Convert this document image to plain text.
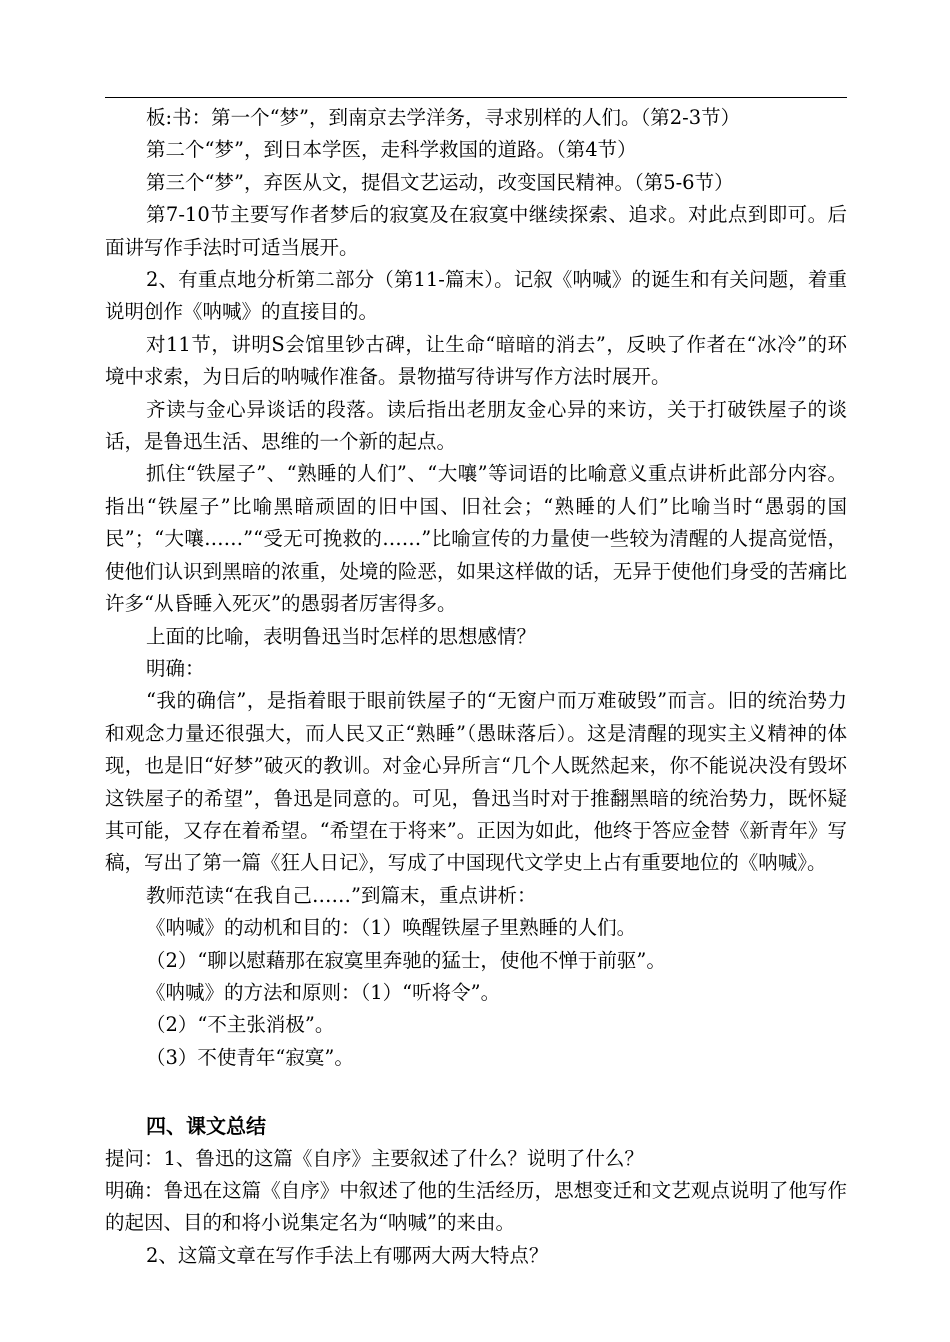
板:书：第一个“梦”，到南京去学洋务，寻求别样的人们。（第2-3节）

第二个“梦”，到日本学医，走科学救国的道路。（第4节）

第三个“梦”，弃医从文，提倡文艺运动，改变国民精神。（第5-6节）

第7-10节主要写作者梦后的寂寞及在寂寞中继续探索、追求。对此点到即可。后面讲写作手法时可适当展开。

2、有重点地分析第二部分（第11-篇末）。记叙《呐喊》的诞生和有关问题，着重说明创作《呐喊》的直接目的。

对11节，讲明S会馆里钞古碑，让生命“暗暗的消去”，反映了作者在“冰冷”的环境中求索，为日后的呐喊作准备。景物描写待讲写作方法时展开。

齐读与金心异谈话的段落。读后指出老朋友金心异的来访，关于打破铁屋子的谈话，是鲁迅生活、思维的一个新的起点。

抓住“铁屋子”、“熟睡的人们”、“大嚷”等词语的比喻意义重点讲析此部分内容。指出“铁屋子”比喻黑暗顽固的旧中国、旧社会；“熟睡的人们”比喻当时“愚弱的国民”；“大嚷……”“受无可挽救的……”比喻宣传的力量使一些较为清醒的人提高觉悟，使他们认识到黑暗的浓重，处境的险恶，如果这样做的话，无异于使他们身受的苦痛比许多“从昏睡入死灭”的愚弱者厉害得多。

上面的比喻，表明鲁迅当时怎样的思想感情？

明确：

“我的确信”，是指着眼于眼前铁屋子的“无窗户而万难破毁”而言。旧的统治势力和观念力量还很强大，而人民又正“熟睡”（愚昧落后）。这是清醒的现实主义精神的体现，也是旧“好梦”破灭的教训。对金心异所言“几个人既然起来，你不能说决没有毁坏这铁屋子的希望”，鲁迅是同意的。可见，鲁迅当时对于推翻黑暗的统治势力，既怀疑其可能，又存在着希望。“希望在于将来”。正因为如此，他终于答应金替《新青年》写稿，写出了第一篇《狂人日记》，写成了中国现代文学史上占有重要地位的《呐喊》。

教师范读“在我自己……”到篇末，重点讲析：

《呐喊》的动机和目的：（1）唤醒铁屋子里熟睡的人们。

（2）“聊以慰藉那在寂寞里奔驰的猛士，使他不惮于前驱”。

《呐喊》的方法和原则：（1）“听将令”。

（2）“不主张消极”。

（3）不使青年“寂寞”。

四、课文总结

提问：1、鲁迅的这篇《自序》主要叙述了什么？说明了什么？

明确：鲁迅在这篇《自序》中叙述了他的生活经历，思想变迁和文艺观点说明了他写作的起因、目的和将小说集定名为“呐喊”的来由。

2、这篇文章在写作手法上有哪两大两大特点？
